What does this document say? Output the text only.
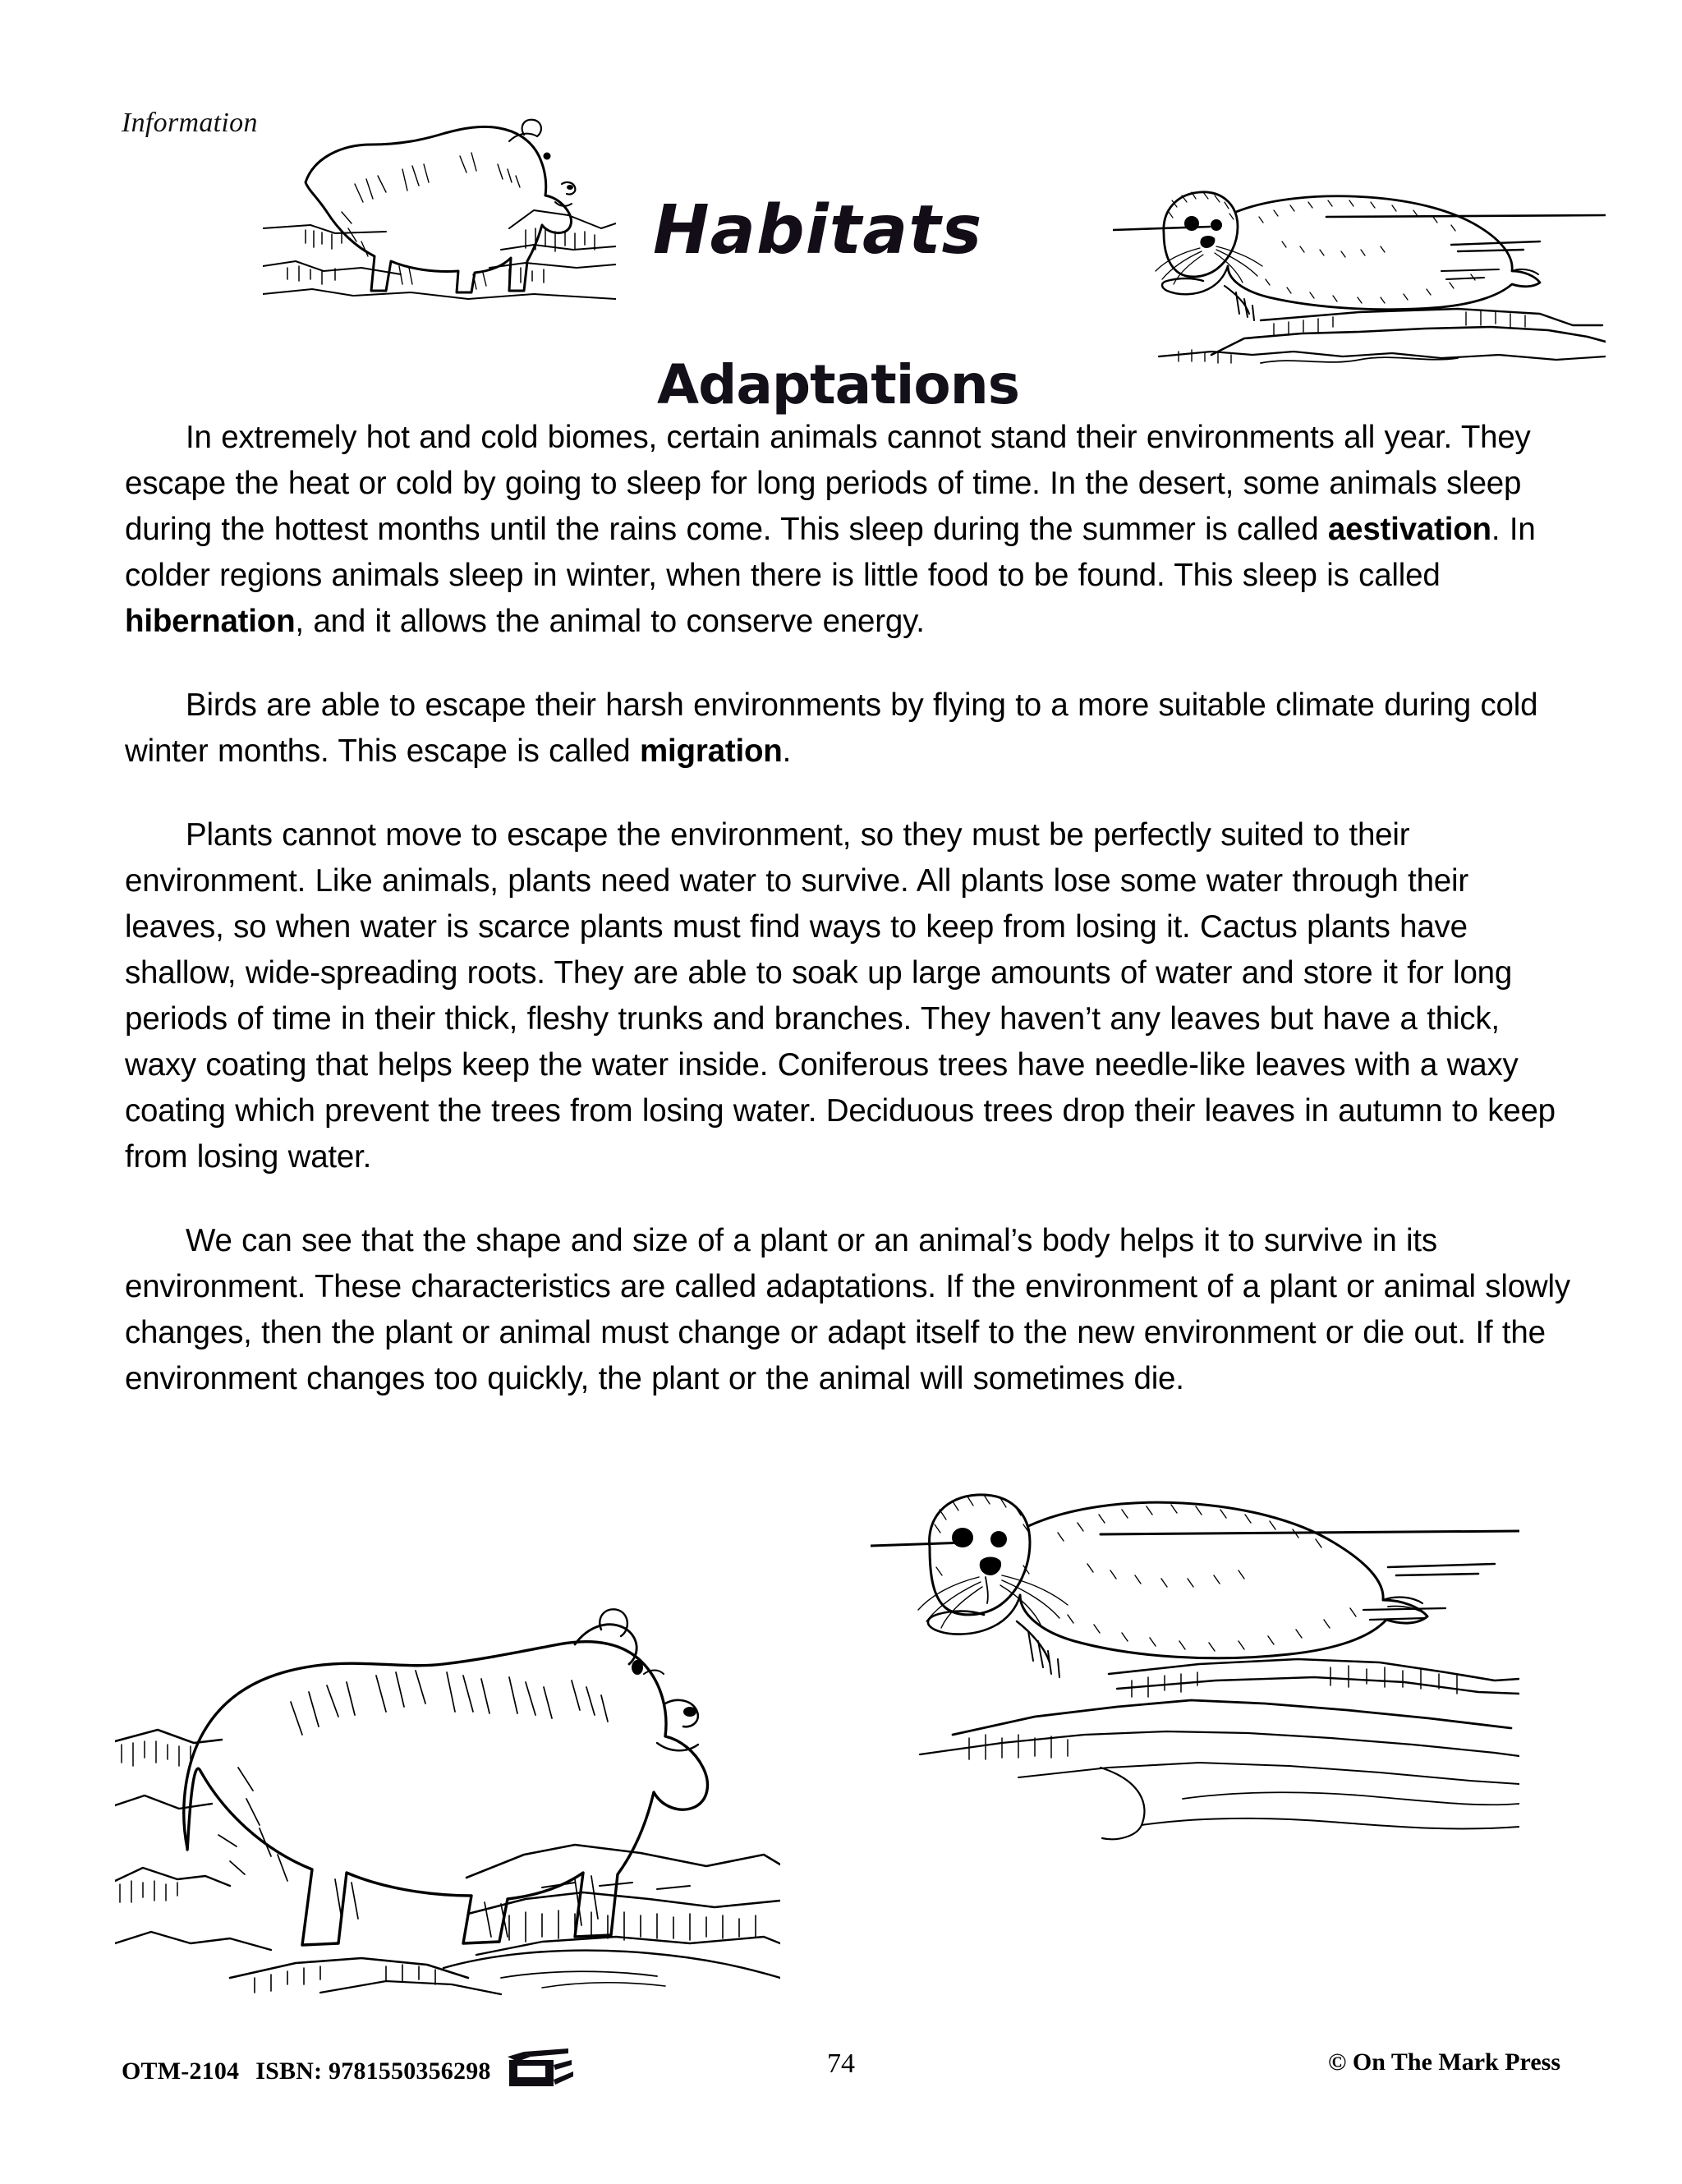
Information
Habitats
Adaptations

In extremely hot and cold biomes, certain animals cannot stand their environments all year. They escape the heat or cold by going to sleep for long periods of time. In the desert, some animals sleep during the hottest months until the rains come. This sleep during the summer is called aestivation. In colder regions animals sleep in winter, when there is little food to be found. This sleep is called hibernation, and it allows the animal to conserve energy.

Birds are able to escape their harsh environments by flying to a more suitable climate during cold winter months. This escape is called migration.

Plants cannot move to escape the environment, so they must be perfectly suited to their environment. Like animals, plants need water to survive. All plants lose some water through their leaves, so when water is scarce plants must find ways to keep from losing it. Cactus plants have shallow, wide-spreading roots. They are able to soak up large amounts of water and store it for long periods of time in their thick, fleshy trunks and branches. They haven’t any leaves but have a thick, waxy coating that helps keep the water inside. Coniferous trees have needle-like leaves with a waxy coating which prevent the trees from losing water. Deciduous trees drop their leaves in autumn to keep from losing water.

We can see that the shape and size of a plant or an animal’s body helps it to survive in its environment. These characteristics are called adaptations. If the environment of a plant or animal slowly changes, then the plant or animal must change or adapt itself to the new environment or die out. If the environment changes too quickly, the plant or the animal will sometimes die.

OTM-2104 ISBN: 9781550356298	74	© On The Mark Press
